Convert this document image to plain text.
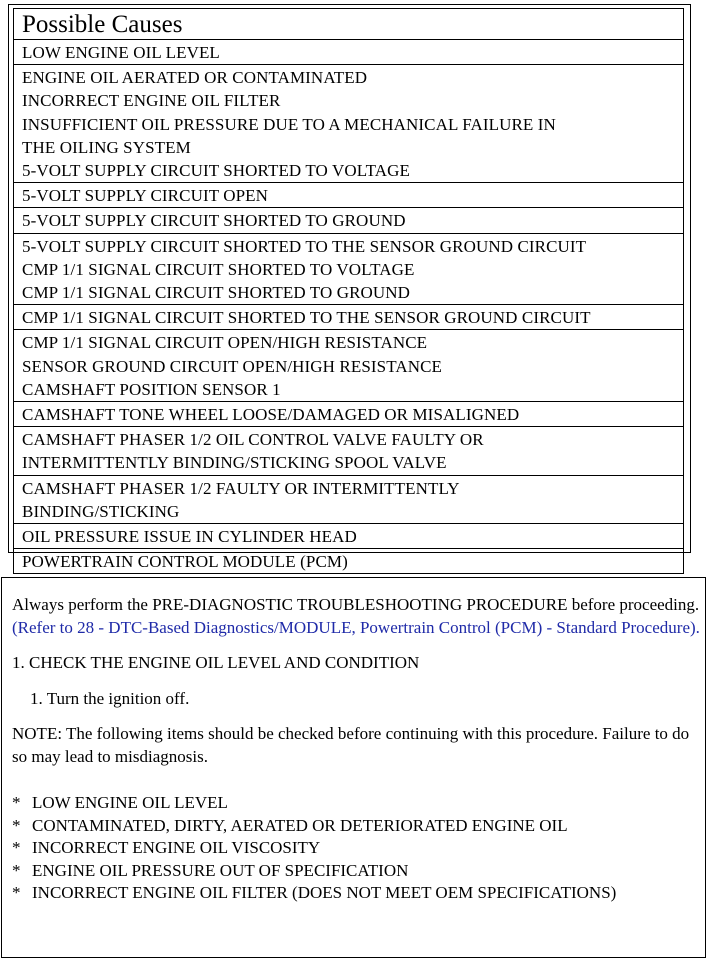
Possible Causes

LOW ENGINE OIL LEVEL

ENGINE OIL AERATED OR CONTAMINATED
INCORRECT ENGINE OIL FILTER
INSUFFICIENT OIL PRESSURE DUE TO A MECHANICAL FAILURE IN
THE OILING SYSTEM
5-VOLT SUPPLY CIRCUIT SHORTED TO VOLTAGE

5-VOLT SUPPLY CIRCUIT OPEN

5-VOLT SUPPLY CIRCUIT SHORTED TO GROUND

5-VOLT SUPPLY CIRCUIT SHORTED TO THE SENSOR GROUND CIRCUIT
CMP 1/1 SIGNAL CIRCUIT SHORTED TO VOLTAGE
CMP 1/1 SIGNAL CIRCUIT SHORTED TO GROUND

CMP 1/1 SIGNAL CIRCUIT SHORTED TO THE SENSOR GROUND CIRCUIT

CMP 1/1 SIGNAL CIRCUIT OPEN/HIGH RESISTANCE
SENSOR GROUND CIRCUIT OPEN/HIGH RESISTANCE
CAMSHAFT POSITION SENSOR 1

CAMSHAFT TONE WHEEL LOOSE/DAMAGED OR MISALIGNED

CAMSHAFT PHASER 1/2 OIL CONTROL VALVE FAULTY OR
INTERMITTENTLY BINDING/STICKING SPOOL VALVE

CAMSHAFT PHASER 1/2 FAULTY OR INTERMITTENTLY
BINDING/STICKING

OIL PRESSURE ISSUE IN CYLINDER HEAD

POWERTRAIN CONTROL MODULE (PCM)

Always perform the PRE-DIAGNOSTIC TROUBLESHOOTING PROCEDURE before proceeding. (Refer to 28 - DTC-Based Diagnostics/MODULE, Powertrain Control (PCM) - Standard Procedure).

1. CHECK THE ENGINE OIL LEVEL AND CONDITION

1. Turn the ignition off.

NOTE: The following items should be checked before continuing with this procedure. Failure to do so may lead to misdiagnosis.

* LOW ENGINE OIL LEVEL
* CONTAMINATED, DIRTY, AERATED OR DETERIORATED ENGINE OIL
* INCORRECT ENGINE OIL VISCOSITY
* ENGINE OIL PRESSURE OUT OF SPECIFICATION
* INCORRECT ENGINE OIL FILTER (DOES NOT MEET OEM SPECIFICATIONS)
